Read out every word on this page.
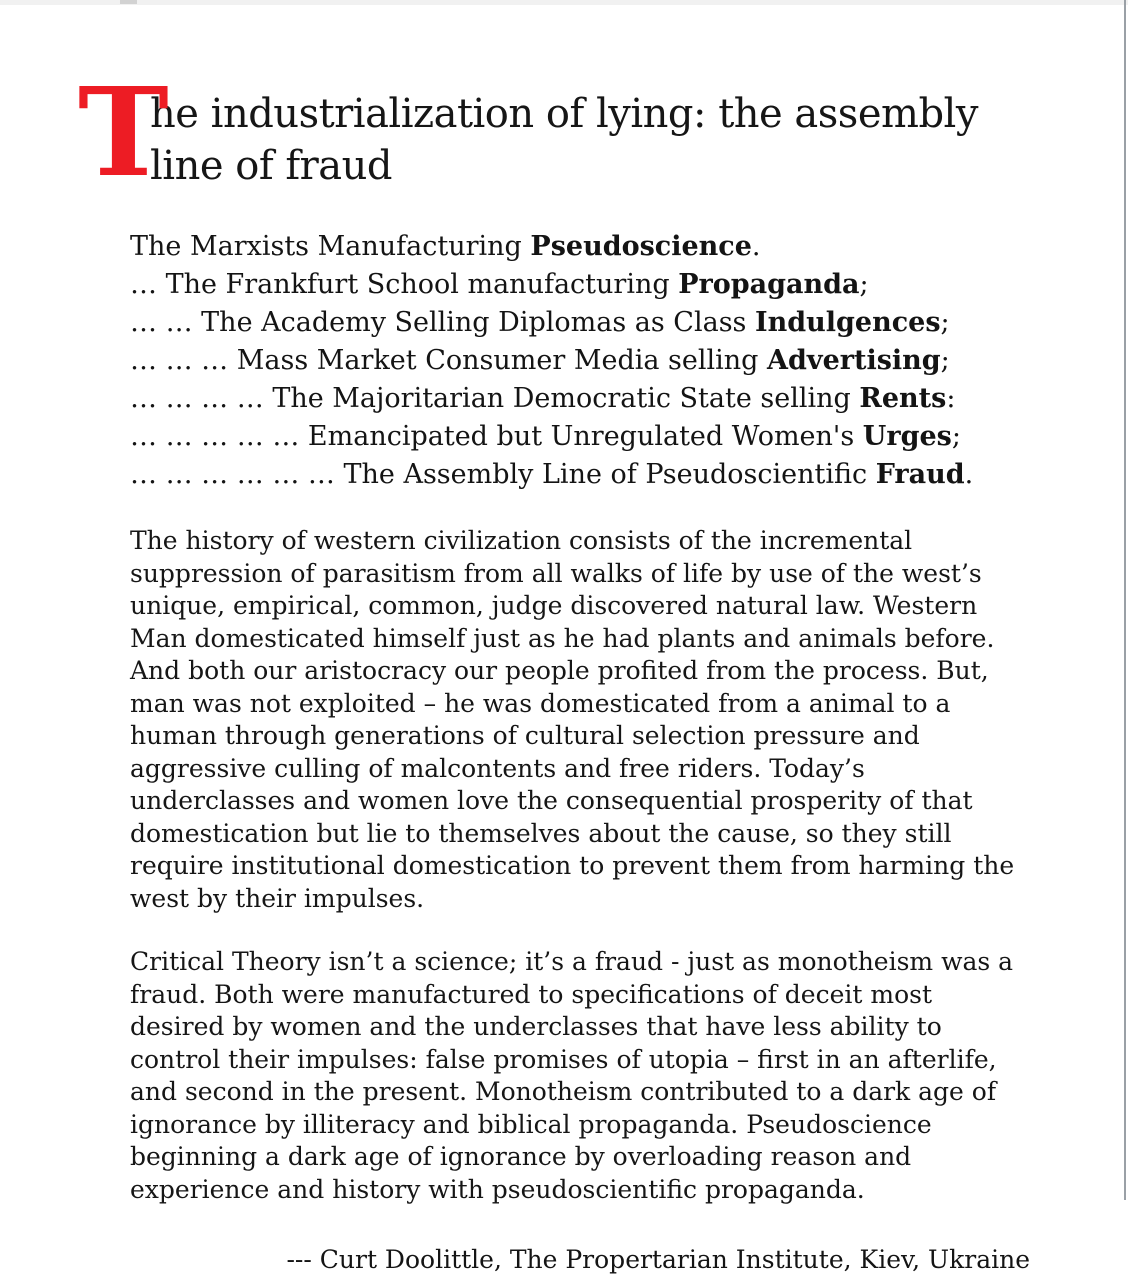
T
he industrialization of lying: the assembly line of fraud
The Marxists Manufacturing Pseudoscience.
… The Frankfurt School manufacturing Propaganda;
… … The Academy Selling Diplomas as Class Indulgences;
… … … Mass Market Consumer Media selling Advertising;
… … … … The Majoritarian Democratic State selling Rents:
… … … … … Emancipated but Unregulated Women's Urges;
… … … … … … The Assembly Line of Pseudoscientific Fraud.

The history of western civilization consists of the incremental suppression of parasitism from all walks of life by use of the west’s unique, empirical, common, judge discovered natural law. Western Man domesticated himself just as he had plants and animals before. And both our aristocracy our people profited from the process. But, man was not exploited – he was domesticated from a animal to a human through generations of cultural selection pressure and aggressive culling of malcontents and free riders. Today’s underclasses and women love the consequential prosperity of that domestication but lie to themselves about the cause, so they still require institutional domestication to prevent them from harming the west by their impulses.

Critical Theory isn’t a science; it’s a fraud - just as monotheism was a fraud. Both were manufactured to specifications of deceit most desired by women and the underclasses that have less ability to control their impulses: false promises of utopia – first in an afterlife, and second in the present. Monotheism contributed to a dark age of ignorance by illiteracy and biblical propaganda. Pseudoscience beginning a dark age of ignorance by overloading reason and experience and history with pseudoscientific propaganda.

--- Curt Doolittle, The Propertarian Institute, Kiev, Ukraine
